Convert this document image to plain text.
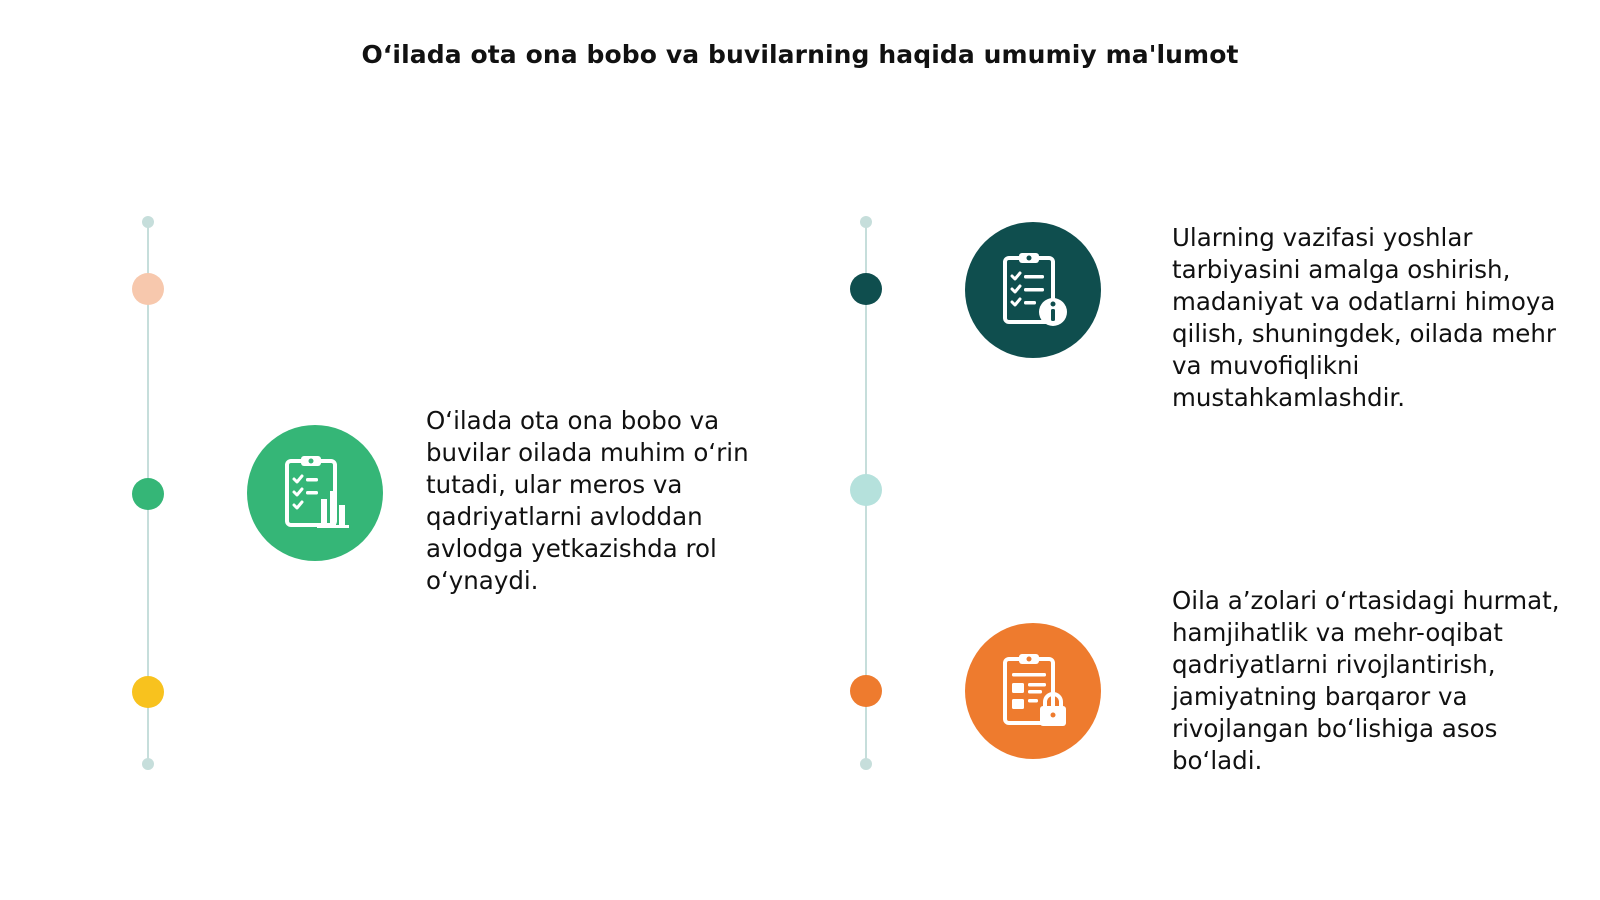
O‘ilada ota ona bobo va buvilarning haqida umumiy ma'lumot
O‘ilada ota ona bobo va buvilar oilada muhim o‘rin tutadi, ular meros va qadriyatlarni avloddan avlodga yetkazishda rol o‘ynaydi.
Ularning vazifasi yoshlar tarbiyasini amalga oshirish, madaniyat va odatlarni himoya qilish, shuningdek, oilada mehr va muvofiqlikni mustahkamlashdir.
Oila a’zolari o‘rtasidagi hurmat, hamjihatlik va mehr-oqibat qadriyatlarni rivojlantirish, jamiyatning barqaror va rivojlangan bo‘lishiga asos bo‘ladi.
